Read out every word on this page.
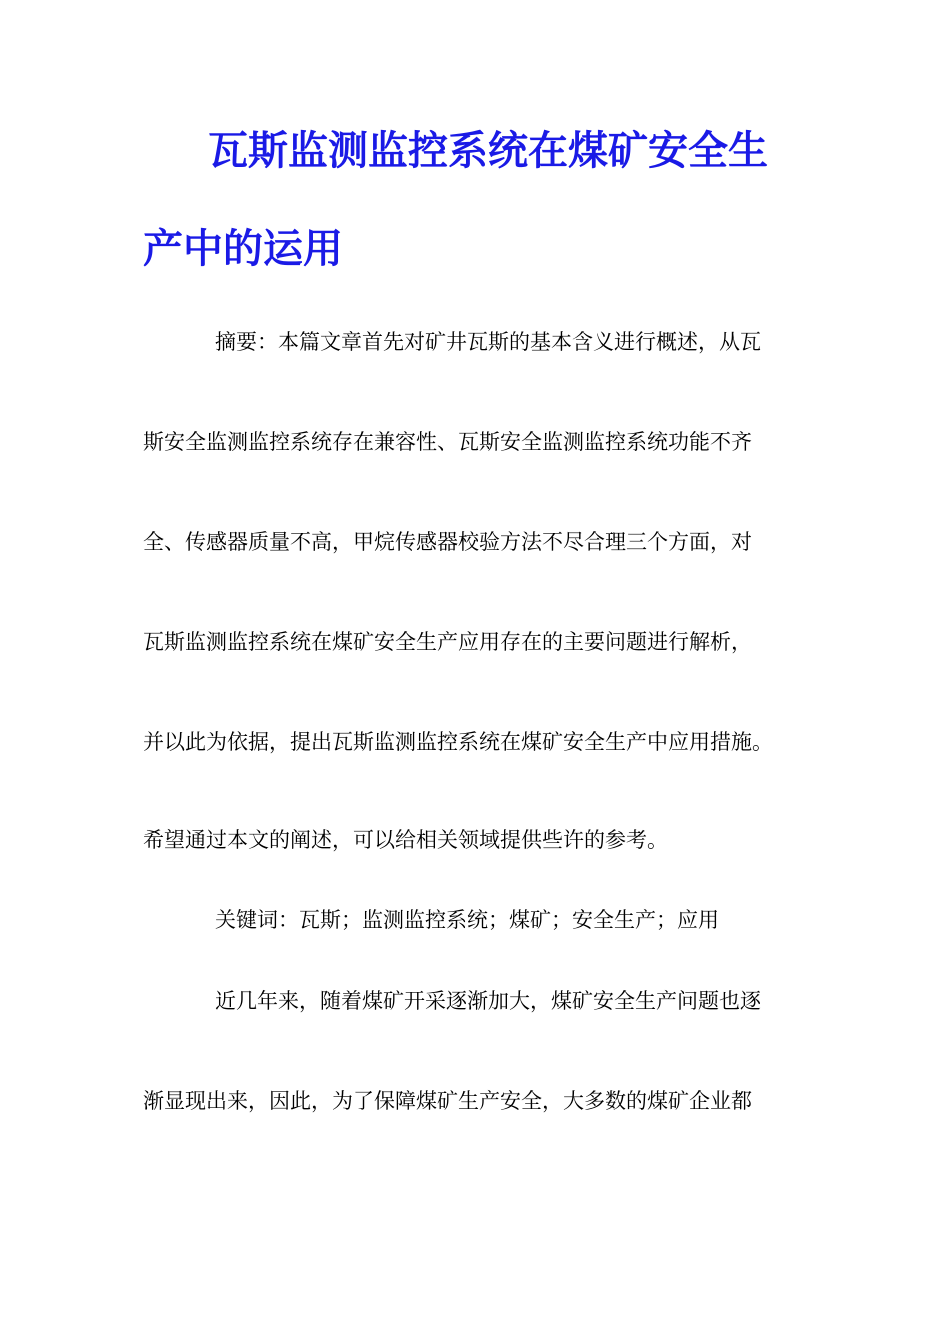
瓦斯监测监控系统在煤矿安全生
产中的运用
摘要：本篇文章首先对矿井瓦斯的基本含义进行概述，从瓦
斯安全监测监控系统存在兼容性、瓦斯安全监测监控系统功能不齐
全、传感器质量不高，甲烷传感器校验方法不尽合理三个方面，对
瓦斯监测监控系统在煤矿安全生产应用存在的主要问题进行解析，
并以此为依据，提出瓦斯监测监控系统在煤矿安全生产中应用措施。
希望通过本文的阐述，可以给相关领域提供些许的参考。
关键词：瓦斯；监测监控系统；煤矿；安全生产；应用
近几年来，随着煤矿开采逐渐加大，煤矿安全生产问题也逐
渐显现出来，因此，为了保障煤矿生产安全，大多数的煤矿企业都
